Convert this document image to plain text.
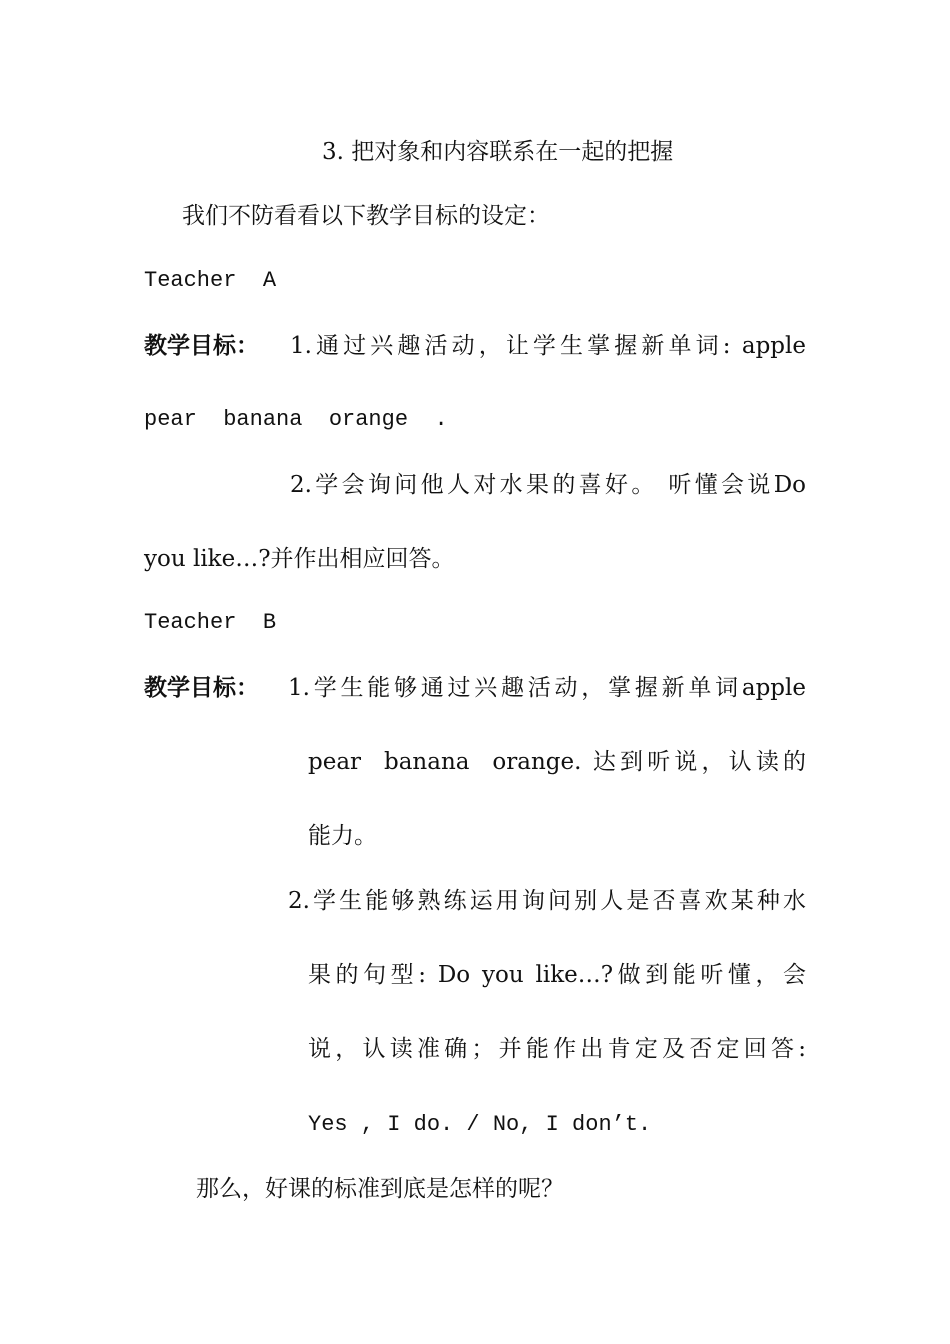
3. 把对象和内容联系在一起的把握

我们不防看看以下教学目标的设定：

Teacher  A

教学目标： 1.通过兴趣活动，让学生掌握新单词: apple

pear  banana  orange  .

2.学会询问他人对水果的喜好。 听懂会说Do

you like…?并作出相应回答。

Teacher  B

教学目标： 1.学生能够通过兴趣活动，掌握新单词apple

pear  banana  orange. 达到听说，认读的

能力。

2.学生能够熟练运用询问别人是否喜欢某种水

果的句型: Do you like…?做到能听懂，会

说，认读准确；并能作出肯定及否定回答:

Yes , I do. / No, I don’t.

那么，好课的标准到底是怎样的呢？
